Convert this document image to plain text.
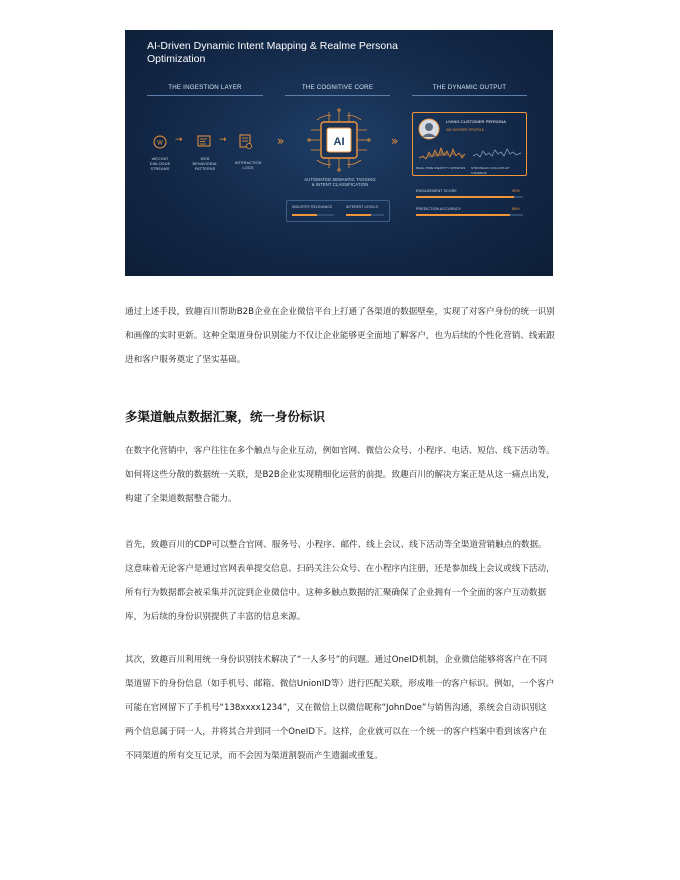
AI-Driven Dynamic Intent Mapping & Realme Persona
Optimization
THE INGESTION LAYER	THE COGNITIVE CORE	THE DYNAMIC OUTPUT
W →	→
WECHAT
DIALOGUE
STREAMS
WEB
BEHAVIORAL
PATTERNS
INTERACTION
LOGS
»	AI
AUTOMATED SEMANTIC TAGGING
& INTENT CLASSIFICATION
INDUSTRY RELEVANCE	INTEREST LEVELS
»
LIVING CUSTOMER PERSONA
360 DEGREE PROFILE
REAL-TIME IDENTITY UPDATES STRATEGIC FOLLOW-UP CADENCE
ENGAGEMENT SCORE	92%
PREDICTION ACCURACY	88%
通过上述手段，致趣百川帮助B2B企业在企业微信平台上打通了各渠道的数据壁垒，实现了对客户身份的统一识别和画像的实时更新。这种全渠道身份识别能力不仅让企业能够更全面地了解客户，也为后续的个性化营销、线索跟进和客户服务奠定了坚实基础。
多渠道触点数据汇聚，统一身份标识
在数字化营销中，客户往往在多个触点与企业互动，例如官网、微信公众号、小程序、电话、短信、线下活动等。如何将这些分散的数据统一关联，是B2B企业实现精细化运营的前提。致趣百川的解决方案正是从这一痛点出发，构建了全渠道数据整合能力。
首先，致趣百川的CDP可以整合官网、服务号、小程序、邮件、线上会议、线下活动等全渠道营销触点的数据。这意味着无论客户是通过官网表单提交信息、扫码关注公众号、在小程序内注册，还是参加线上会议或线下活动，所有行为数据都会被采集并沉淀到企业微信中。这种多触点数据的汇聚确保了企业拥有一个全面的客户互动数据库，为后续的身份识别提供了丰富的信息来源。
其次，致趣百川利用统一身份识别技术解决了“一人多号”的问题。通过OneID机制，企业微信能够将客户在不同渠道留下的身份信息（如手机号、邮箱、微信UnionID等）进行匹配关联，形成唯一的客户标识。例如，一个客户可能在官网留下了手机号“138xxxx1234”，又在微信上以微信昵称“JohnDoe”与销售沟通，系统会自动识别这两个信息属于同一人，并将其合并到同一个OneID下。这样，企业就可以在一个统一的客户档案中看到该客户在不同渠道的所有交互记录，而不会因为渠道割裂而产生遗漏或重复。
